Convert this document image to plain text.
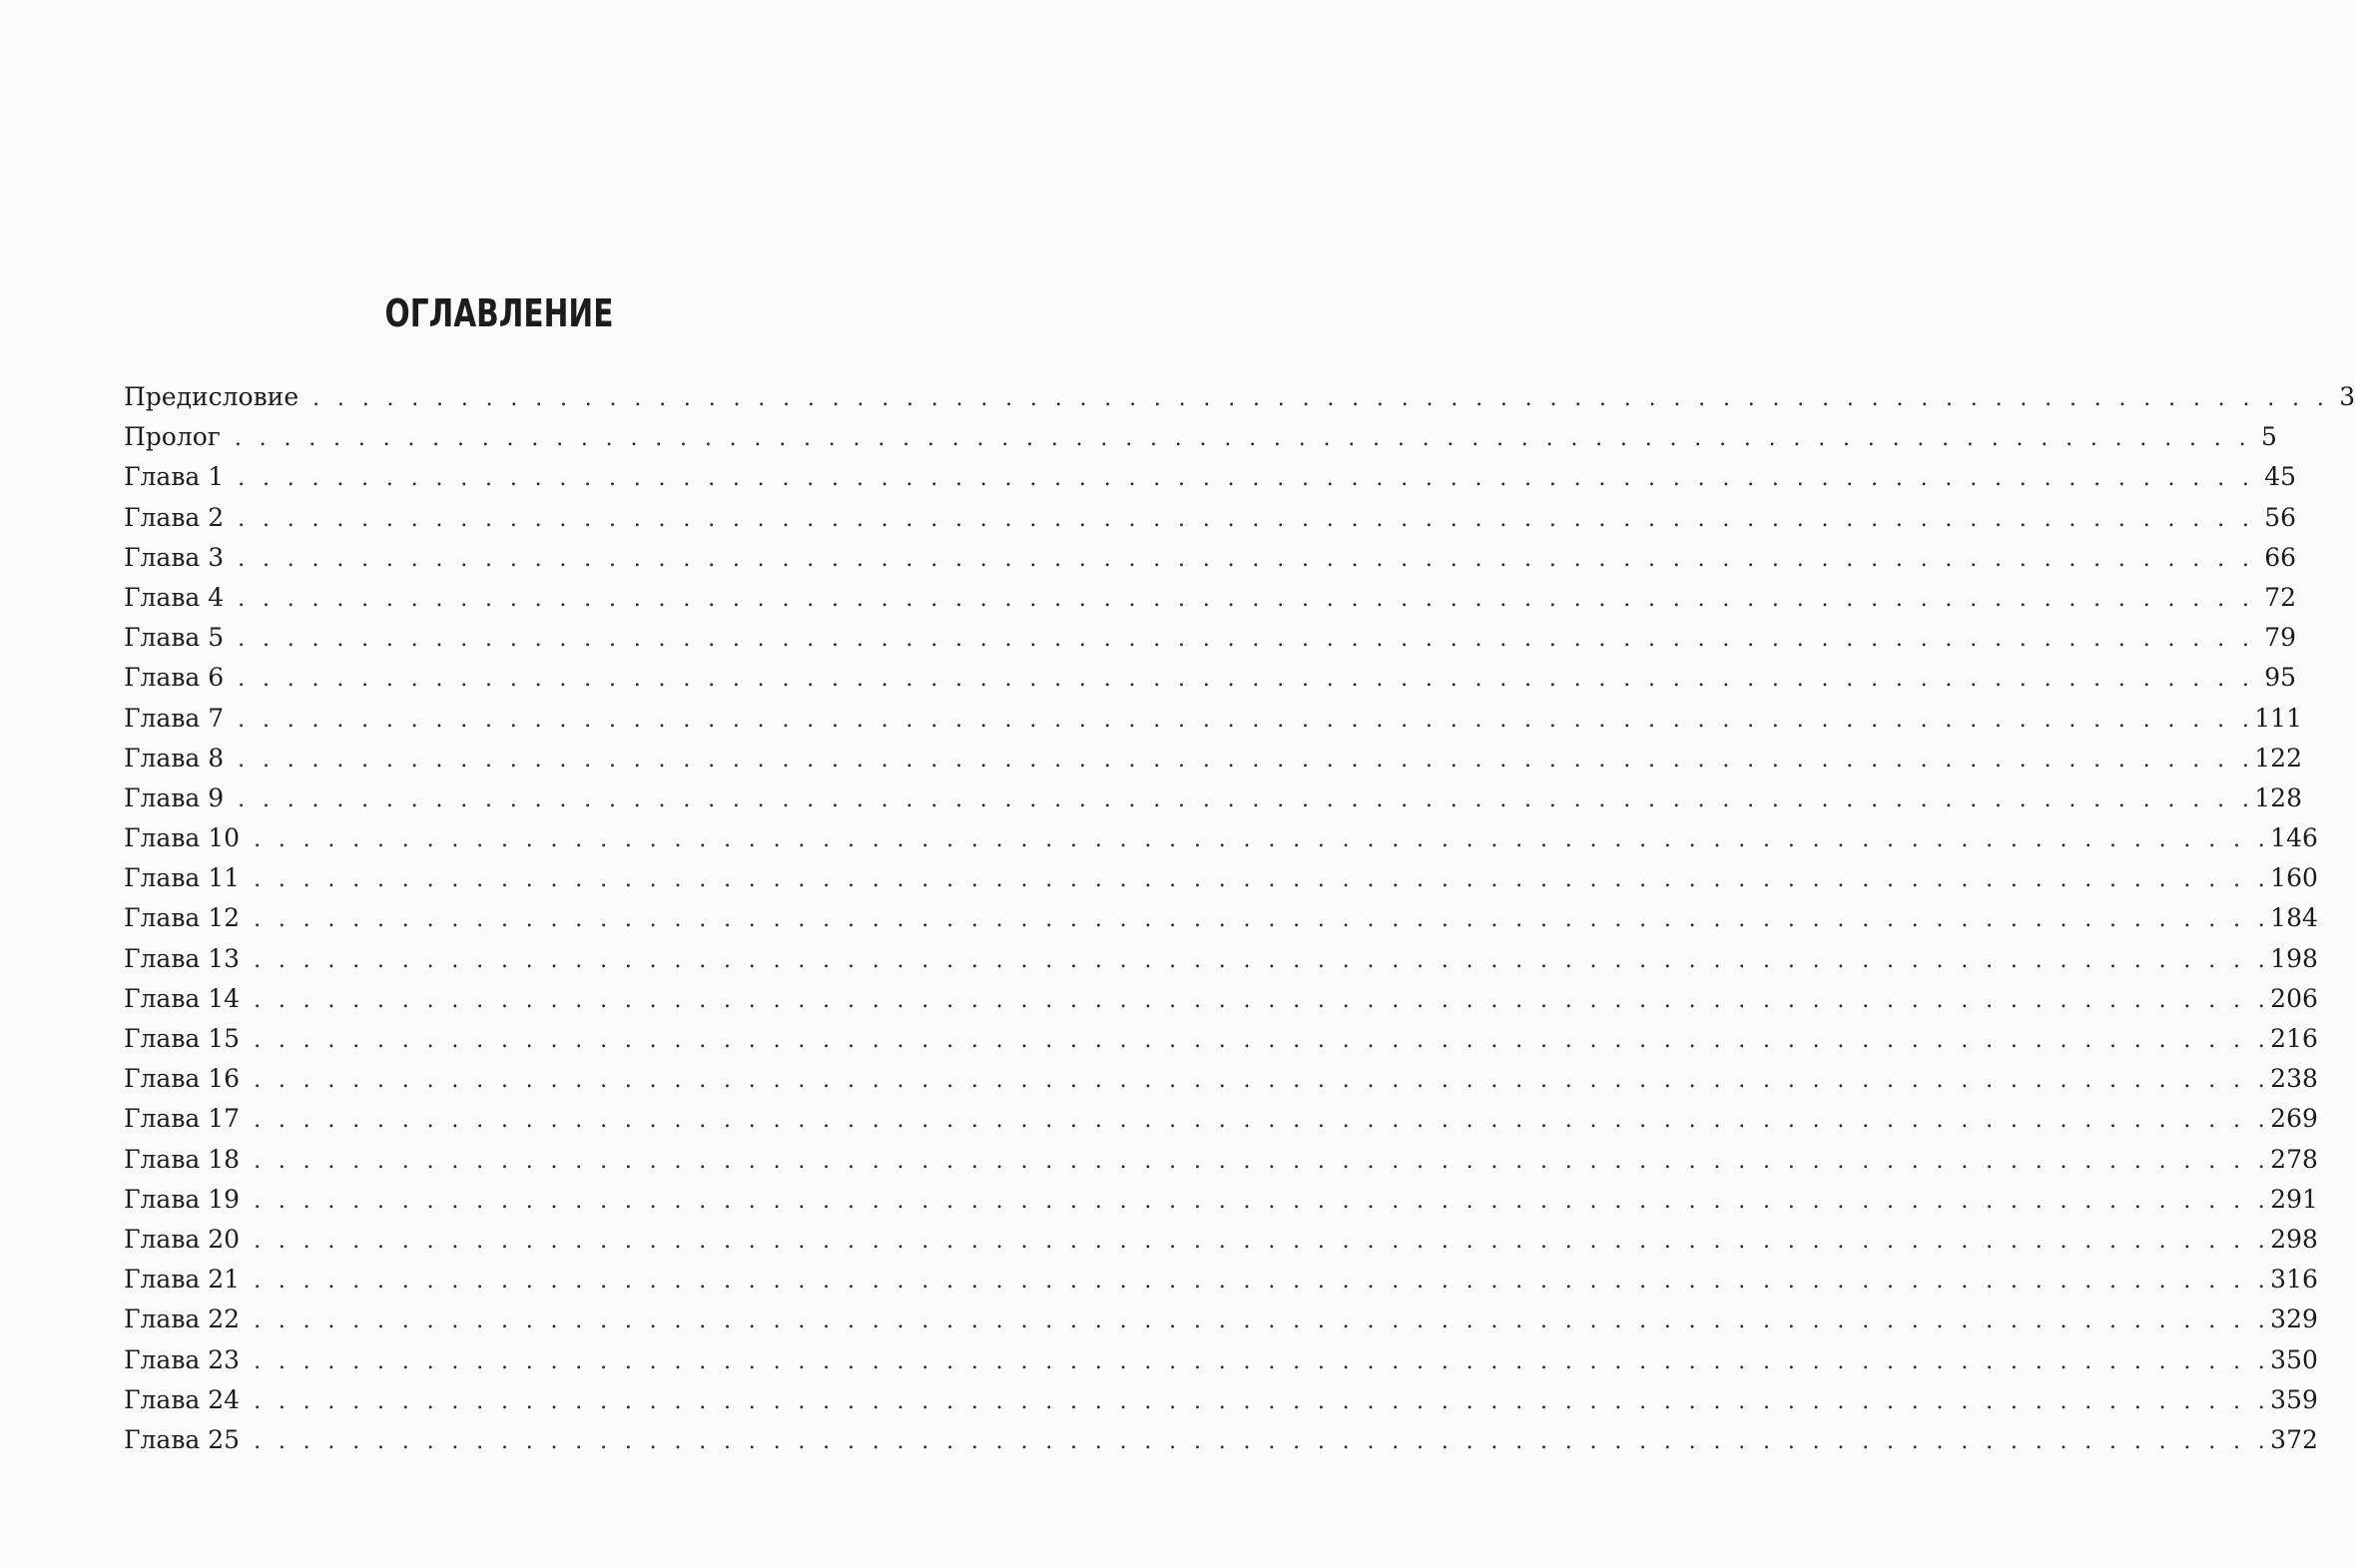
ОГЛАВЛЕНИЕ
Предисловие . . . . . . . . . . . . . . . . . . . . . . . . . . . . . . . . . . . . . . . . . . . . . . . . . . . . . . . . . . . . . . . . . . . . . . . . . . . . . . . . . . 3
Пролог . . . . . . . . . . . . . . . . . . . . . . . . . . . . . . . . . . . . . . . . . . . . . . . . . . . . . . . . . . . . . . . . . . . . . . . . . . . . . . . . . . 5
Глава 1 . . . . . . . . . . . . . . . . . . . . . . . . . . . . . . . . . . . . . . . . . . . . . . . . . . . . . . . . . . . . . . . . . . . . . . . . . . . . . . . . . . 45
Глава 2 . . . . . . . . . . . . . . . . . . . . . . . . . . . . . . . . . . . . . . . . . . . . . . . . . . . . . . . . . . . . . . . . . . . . . . . . . . . . . . . . . . 56
Глава 3 . . . . . . . . . . . . . . . . . . . . . . . . . . . . . . . . . . . . . . . . . . . . . . . . . . . . . . . . . . . . . . . . . . . . . . . . . . . . . . . . . . 66
Глава 4 . . . . . . . . . . . . . . . . . . . . . . . . . . . . . . . . . . . . . . . . . . . . . . . . . . . . . . . . . . . . . . . . . . . . . . . . . . . . . . . . . . 72
Глава 5 . . . . . . . . . . . . . . . . . . . . . . . . . . . . . . . . . . . . . . . . . . . . . . . . . . . . . . . . . . . . . . . . . . . . . . . . . . . . . . . . . . 79
Глава 6 . . . . . . . . . . . . . . . . . . . . . . . . . . . . . . . . . . . . . . . . . . . . . . . . . . . . . . . . . . . . . . . . . . . . . . . . . . . . . . . . . . 95
Глава 7 . . . . . . . . . . . . . . . . . . . . . . . . . . . . . . . . . . . . . . . . . . . . . . . . . . . . . . . . . . . . . . . . . . . . . . . . . . . . . . . . . . 111
Глава 8 . . . . . . . . . . . . . . . . . . . . . . . . . . . . . . . . . . . . . . . . . . . . . . . . . . . . . . . . . . . . . . . . . . . . . . . . . . . . . . . . . . 122
Глава 9 . . . . . . . . . . . . . . . . . . . . . . . . . . . . . . . . . . . . . . . . . . . . . . . . . . . . . . . . . . . . . . . . . . . . . . . . . . . . . . . . . . 128
Глава 10 . . . . . . . . . . . . . . . . . . . . . . . . . . . . . . . . . . . . . . . . . . . . . . . . . . . . . . . . . . . . . . . . . . . . . . . . . . . . . . . . . . 146
Глава 11 . . . . . . . . . . . . . . . . . . . . . . . . . . . . . . . . . . . . . . . . . . . . . . . . . . . . . . . . . . . . . . . . . . . . . . . . . . . . . . . . . . 160
Глава 12 . . . . . . . . . . . . . . . . . . . . . . . . . . . . . . . . . . . . . . . . . . . . . . . . . . . . . . . . . . . . . . . . . . . . . . . . . . . . . . . . . . 184
Глава 13 . . . . . . . . . . . . . . . . . . . . . . . . . . . . . . . . . . . . . . . . . . . . . . . . . . . . . . . . . . . . . . . . . . . . . . . . . . . . . . . . . . 198
Глава 14 . . . . . . . . . . . . . . . . . . . . . . . . . . . . . . . . . . . . . . . . . . . . . . . . . . . . . . . . . . . . . . . . . . . . . . . . . . . . . . . . . . 206
Глава 15 . . . . . . . . . . . . . . . . . . . . . . . . . . . . . . . . . . . . . . . . . . . . . . . . . . . . . . . . . . . . . . . . . . . . . . . . . . . . . . . . . . 216
Глава 16 . . . . . . . . . . . . . . . . . . . . . . . . . . . . . . . . . . . . . . . . . . . . . . . . . . . . . . . . . . . . . . . . . . . . . . . . . . . . . . . . . . 238
Глава 17 . . . . . . . . . . . . . . . . . . . . . . . . . . . . . . . . . . . . . . . . . . . . . . . . . . . . . . . . . . . . . . . . . . . . . . . . . . . . . . . . . . 269
Глава 18 . . . . . . . . . . . . . . . . . . . . . . . . . . . . . . . . . . . . . . . . . . . . . . . . . . . . . . . . . . . . . . . . . . . . . . . . . . . . . . . . . . 278
Глава 19 . . . . . . . . . . . . . . . . . . . . . . . . . . . . . . . . . . . . . . . . . . . . . . . . . . . . . . . . . . . . . . . . . . . . . . . . . . . . . . . . . . 291
Глава 20 . . . . . . . . . . . . . . . . . . . . . . . . . . . . . . . . . . . . . . . . . . . . . . . . . . . . . . . . . . . . . . . . . . . . . . . . . . . . . . . . . . 298
Глава 21 . . . . . . . . . . . . . . . . . . . . . . . . . . . . . . . . . . . . . . . . . . . . . . . . . . . . . . . . . . . . . . . . . . . . . . . . . . . . . . . . . . 316
Глава 22 . . . . . . . . . . . . . . . . . . . . . . . . . . . . . . . . . . . . . . . . . . . . . . . . . . . . . . . . . . . . . . . . . . . . . . . . . . . . . . . . . . 329
Глава 23 . . . . . . . . . . . . . . . . . . . . . . . . . . . . . . . . . . . . . . . . . . . . . . . . . . . . . . . . . . . . . . . . . . . . . . . . . . . . . . . . . . 350
Глава 24 . . . . . . . . . . . . . . . . . . . . . . . . . . . . . . . . . . . . . . . . . . . . . . . . . . . . . . . . . . . . . . . . . . . . . . . . . . . . . . . . . . 359
Глава 25 . . . . . . . . . . . . . . . . . . . . . . . . . . . . . . . . . . . . . . . . . . . . . . . . . . . . . . . . . . . . . . . . . . . . . . . . . . . . . . . . . . 372
